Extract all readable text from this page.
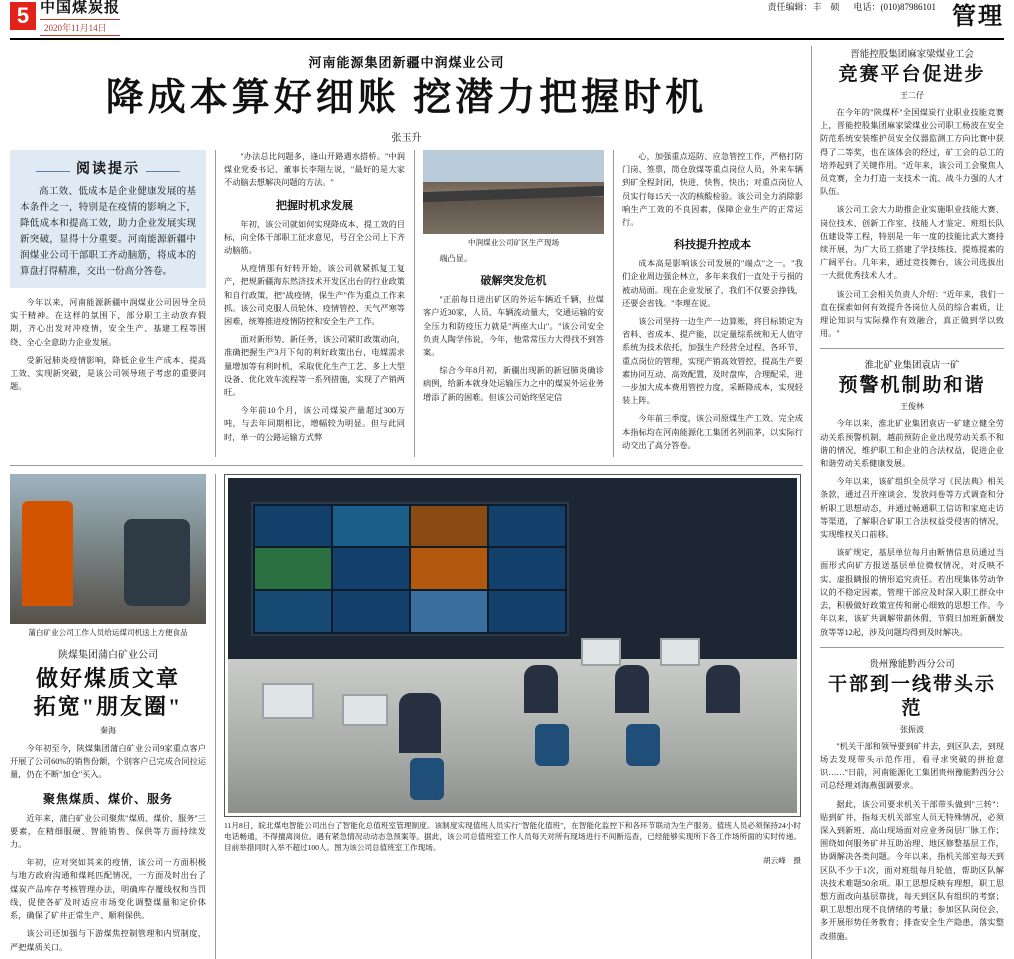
5 中国煤炭报
2020年11月14日
责任编辑：丰　硕 电话：(010)87986101 管理
河南能源集团新疆中润煤业公司
降成本算好细账 挖潜力把握时机
张玉升
阅读提示

高工效、低成本是企业健康发展的基本条件之一，特别是在疫情的影响之下，降低成本和提高工效，助力企业发展实现新突破，显得十分重要。河南能源新疆中润煤业公司干部职工齐动脑筋，将成本的算盘打得精准，交出一份高分答卷。

今年以来，河南能源新疆中润煤业公司因导全员实干精神。在这样的氛围下，部分职工主动放弃假期，齐心出发对冲疫情，安全生产、基建工程等围绕、全心全意助力企业发展。

受新冠肺炎疫情影响，降低企业生产成本、提高工效、实现新突破，是该公司领导班子考虑的重要问题。

"办法总比问题多，逢山开路遇水搭桥。"中润煤业党委书记、董事长李翔左说，"最好的是大家不动脑去想解决问题的方法。"

把握时机求发展

年初，该公司就如何实现降成本、提工效的目标，向全体干部职工征求意见，号召全公司上下齐动脑筋。

从疫情那有好转开始，该公司就紧抓复工复产，把规新疆海东然济技术开发区出台的行业政策和自行政策，把"战疫情，保生产"作为重点工作来抓。该公司克服人员轮休、疫情管控、天气严寒等困难，统筹推进疫情防控和安全生产工作。

面对新形势、新任务，该公司紧盯政策动向，准确把握生产3月下旬的利好政策出台，电媒需求量增加等有利时机，采取优化生产工艺、多上大型设备、优化效车流程等一系列措施，实现了产销两旺。

今年前10个月，该公司煤炭产量超过300万吨，与去年同期相比，增幅较为明显。但与此同时，单一的公路运输方式弊

中润煤业公司矿区生产现场
端凸显。
破解突发危机

"正前每日进出矿区的外运车辆近千辆，拉煤客户近30家，人员、车辆流动量大，交通运输的安全压力和防疫压力就是"两座大山"。"该公司安全负责人陶学伟说，今年，他常常压力大得找不到答案。

综合今年8月初，新疆出现新的新冠肺炎确诊病例，给新本就身处运输压力之中的煤炭外运业务增添了新的困难。但该公司始终坚定信

心，加强重点巡防、应急管控工作，严格打防门岗、签票，筒仓放煤等重点岗位人员，外来车辆到矿全程封闭，快进、快售，快出；对重点岗位人员实行每15天一次的核酸检验。该公司全力消除影响生产工效的不良因素，保障企业生产的正常运行。

科技提升控成本

成本高是影响该公司发展的"端点"之一。"我们企业周边强企林立，多年来我们一直处于亏损的被动局面。现在企业发展了，我们不仅要会挣钱，还要会省钱。"李理在说。

该公司坚持一边生产一边算账，将目标锁定为省料、省成本、提产能，以定量综系统和无人值守系统为技术依托，加强生产经营全过程、各环节、重点岗位的管理，实现产销高效管控，提高生产要素协同互动、高效配置，及时盘库，合理配采，进一步加大成本费用管控力度，采断降成本，实现轻装上阵。

今年前三季度，该公司原煤生产工效、完全成本指标均在河南能源化工集团名列前茅，以实际行动交出了高分答卷。

蒲白矿业公司工作人员给运煤司机送上方便食品
陕煤集团蒲白矿业公司
做好煤质文章
拓宽"朋友圈"
秦海

今年初至今，陕煤集团蒲白矿业公司9家重点客户开展了公司60%的销售份额，个别客户已完成合同拉运量，仍在不断"加仓"买入。

聚焦煤质、煤价、服务

近年来，蒲白矿业公司聚焦"煤质、煤价、服务"三要素，在精细服硬、智能销售、保供等方面持续发力。

年初，应对突如其来的疫情，该公司一方面积极与地方政府沟通和煤耗匹配情况，一方面及时出台了煤炭产品库存考核管理办法，明确库存覆线权和当罚线，促使各矿及时适应市场变化调整煤量和定价体系，确保了矿井正常生产、顺利保供。

该公司还加强与下游煤焦控制管理和内贸制度，严把煤质关口。

11月8日，皖北煤电智能公司出台了智能化总值班室管理制度。该制度实现值班人员实行"智能化值班"，在智能化监控下和各环节联动为生产服务。值班人员必须保持24小时电话畅通，不得擅离岗位。遇有紧急情况动动态急预案等。据此，该公司总值班室工作人员每天对所有现场进行不间断巡查，已经能够实现所下各工作场所面的实时传递。目前举措同时入举不超过100人。图为该公司总值班室工作现场。
胡云峰　摄
晋能控股集团麻家梁煤业工会
竞赛平台促进步
王二仔

在今年的"陕煤杯"全国煤炭行业职业技能竞赛上，晋能控股集团麻家梁煤业公司职工杨波在安全防范系统安装维护员安全仪器监测工方向比赛中获得了二等奖，也在该体会的经过，矿工会的总工的培养起到了关键作用。"近年来，该公司工会聚焦人员竞赛，全力打造一支技术一流、战斗力强的人才队伍。

该公司工会大力助推企业实施职业技能大赛、岗位技术、创新工作室、技能人才鉴定、班组长队伍建设等工程，特别是一年一度的技能比武大赛持续开展，为广大员工搭建了学技练技、提炼提素的广阔平台。几年来，通过竞技舞台，该公司选拔出一大批优秀技术人才。

该公司工会相关负责人介绍："近年来，我们一直在探索如何有效提升各岗位人员的综合素质，让理论知识与实际操作有效融合，真正做到学以致用。"

淮北矿业集团袁店一矿
预警机制助和谐
王俊林

今年以来，淮北矿业集团袁店一矿建立健全劳动关系预警机制，越前预防企业出现劳动关系不和谐的情况，维护职工和企业的合法权益，促进企业和谐劳动关系健康发展。

今年以来，该矿组织全员学习《民法典》相关条款，通过召开座谈会、发放问卷等方式调查和分析职工思想动态，并通过畅通职工信访和家庭走访等渠道，了解职合矿职工合法权益受侵害的情况，实现维权关口前移。

该矿规定，基层单位每月由断情信息员通过当面形式向矿方报送基层单位微权情况，对反映不实、虚报瞒报的情形追究责任。若出现集体劳动争议的不稳定因素，管理干部应及时深入职工群众中去，积极做好政策宣传和耐心细致的思想工作。今年以来，该矿共调解带薪休假、节假日加班新酬发放等等12起，涉及问题均得到及时解决。

贵州豫能黔西分公司
干部到一线带头示范
张振波

"机关干部和领导要到矿井去，到区队去，到现场去发现带头示范作用，看寻求突破的拼抢意识……"日前，河南能源化工集团贵州豫能黔西分公司总经理刘海燕强调要求。

据此，该公司要求机关干部带头做到"三转"：贴到矿井，指每天机关部室人员无特殊情况，必须深入到新班、高山现场面对应业务岗层厂脉工作；围绕如何服务矿井互助治理、地区修整基层工作，协调解决各类问题。今年以来，指机关部室每天到区队不少于1次，面对班组每月轮值，帮助区队解决技术难题50余项。职工思想反映有理想，职工思想方面改向基层靠拢，每天到区队有组织的考察；职工思想出现不良情绪的考量；参加区队岗位会，多开展形势任务教育；排查安全生产隐患，落实整改措施。
